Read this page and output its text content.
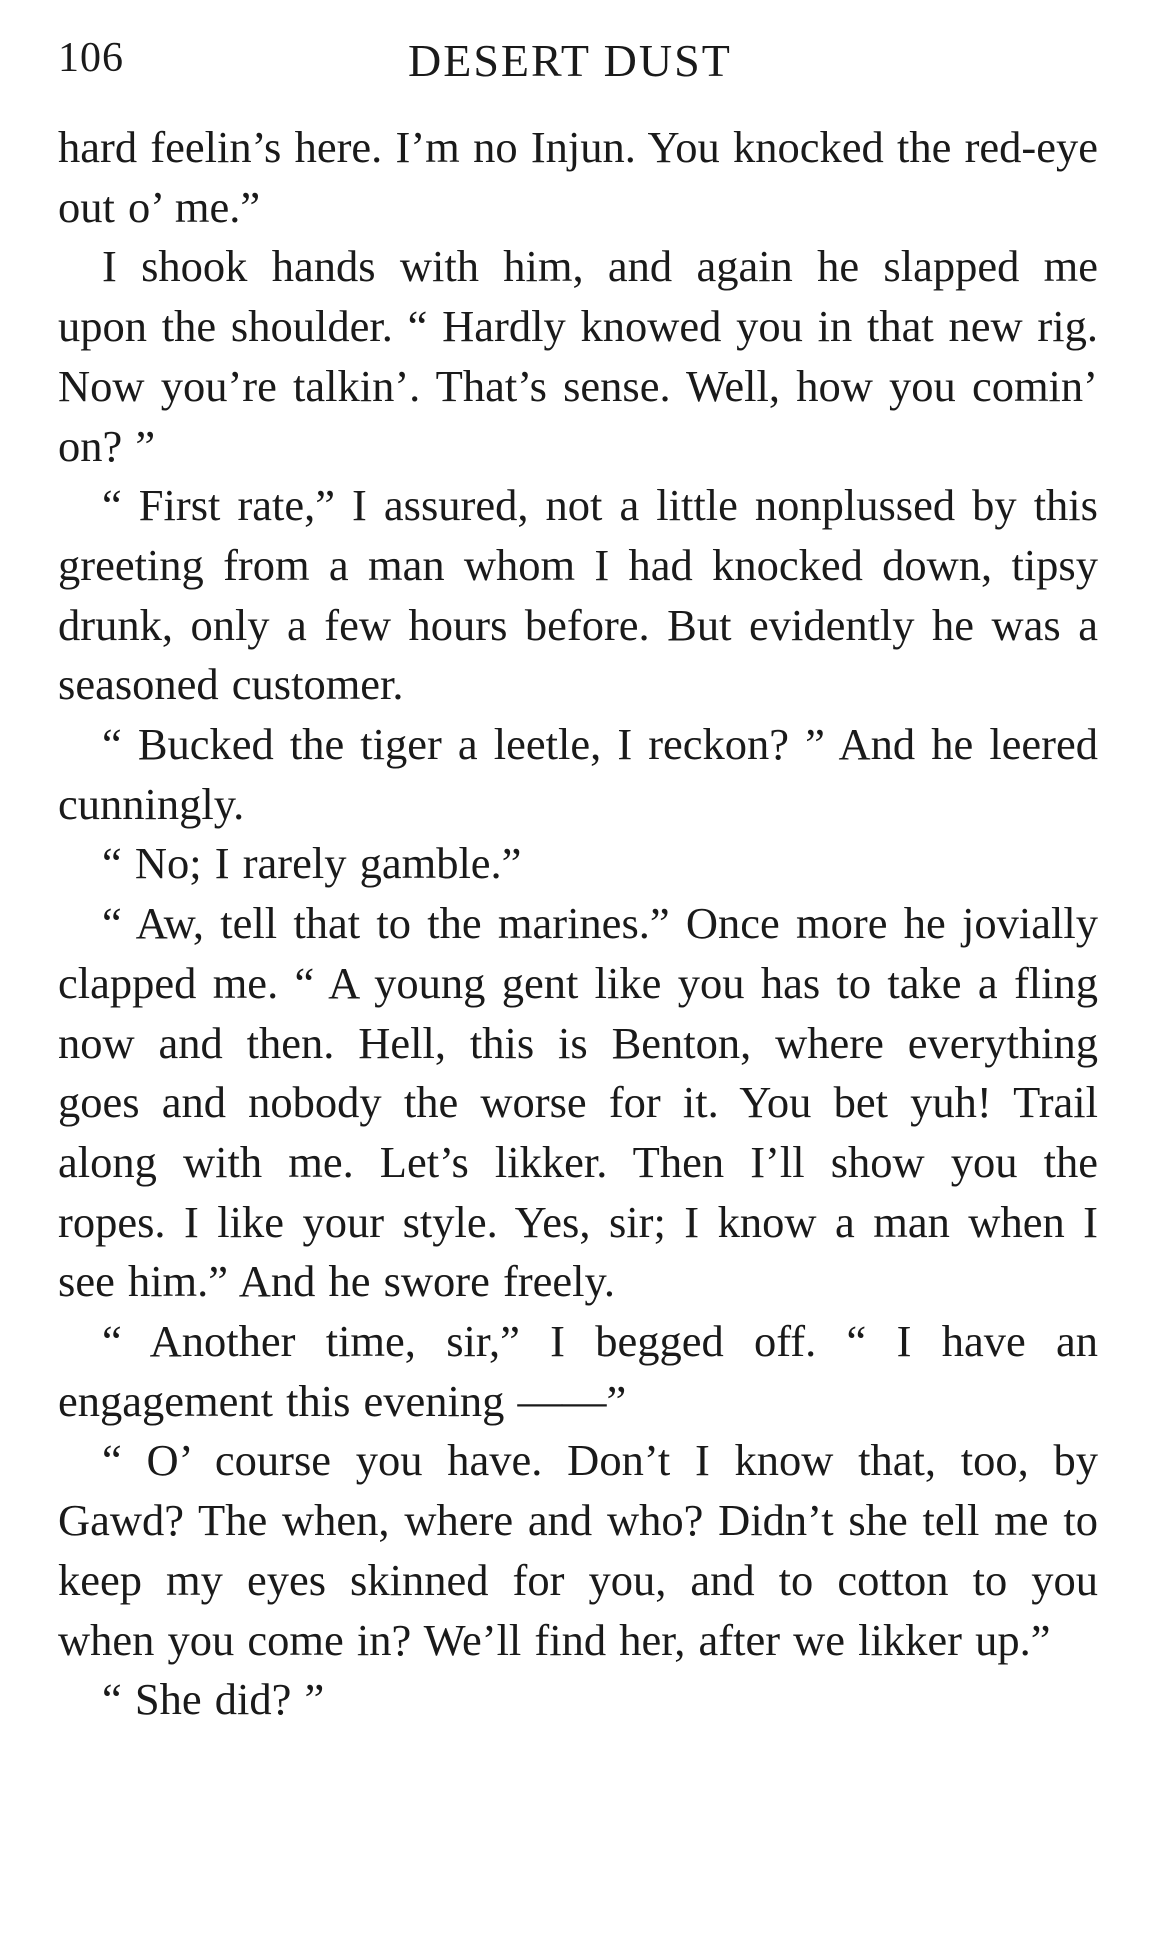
106	DESERT DUST

hard feelin’s here. I’m no Injun. You knocked the red-eye out o’ me.”

I shook hands with him, and again he slapped me upon the shoulder. “ Hardly knowed you in that new rig. Now you’re talkin’. That’s sense. Well, how you comin’ on? ”

“ First rate,” I assured, not a little nonplussed by this greeting from a man whom I had knocked down, tipsy drunk, only a few hours before. But evidently he was a seasoned customer.

“ Bucked the tiger a leetle, I reckon? ” And he leered cunningly.

“ No; I rarely gamble.”

“ Aw, tell that to the marines.” Once more he jovially clapped me. “ A young gent like you has to take a fling now and then. Hell, this is Benton, where everything goes and nobody the worse for it. You bet yuh! Trail along with me. Let’s likker. Then I’ll show you the ropes. I like your style. Yes, sir; I know a man when I see him.” And he swore freely.

“ Another time, sir,” I begged off. “ I have an engagement this evening ——”

“ O’ course you have. Don’t I know that, too, by Gawd? The when, where and who? Didn’t she tell me to keep my eyes skinned for you, and to cotton to you when you come in? We’ll find her, after we likker up.”

“ She did? ”
